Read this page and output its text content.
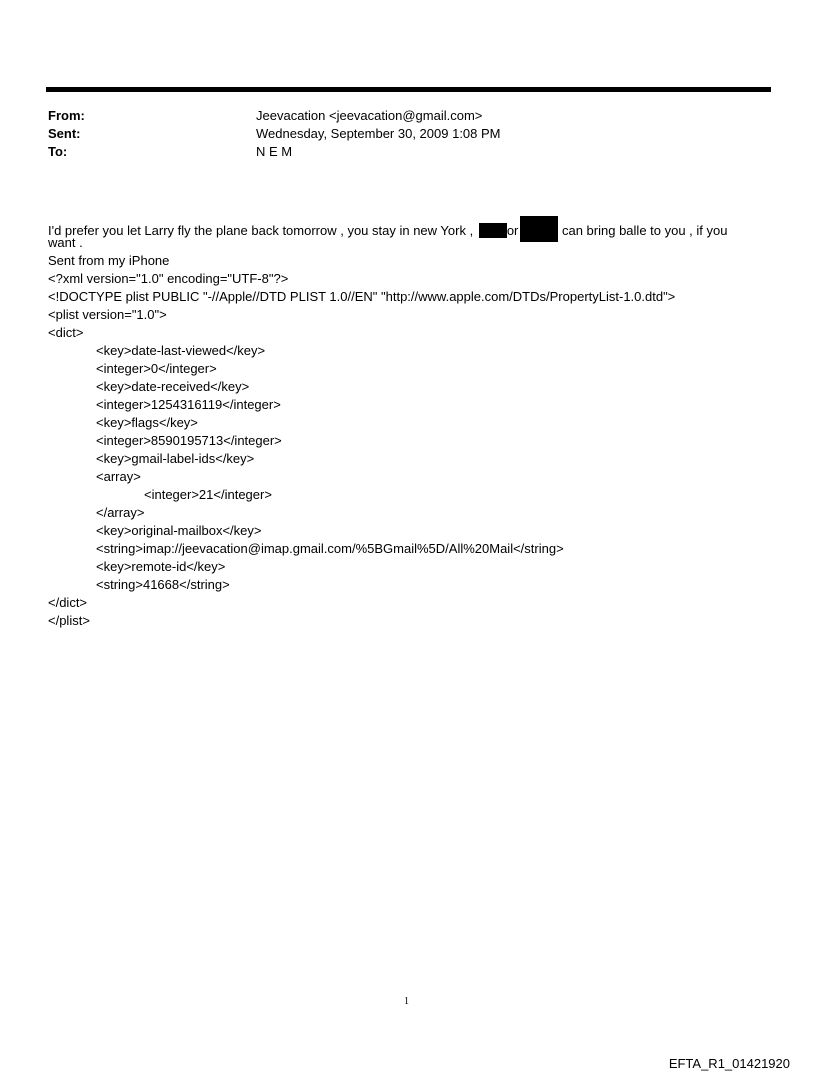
From:	Jeevacation <jeevacation@gmail.com>
Sent:	Wednesday, September 30, 2009 1:08 PM
To:	N E M
I'd prefer you let Larry fly the plane back tomorrow , you stay in new York , or	can bring balle to you , if you
want .
Sent from my iPhone
<?xml version="1.0" encoding="UTF-8"?>
<!DOCTYPE plist PUBLIC "-//Apple//DTD PLIST 1.0//EN" "http://www.apple.com/DTDs/PropertyList-1.0.dtd">
<plist version="1.0">
<dict>
<key>date-last-viewed</key>
<integer>0</integer>
<key>date-received</key>
<integer>1254316119</integer>
<key>flags</key>
<integer>8590195713</integer>
<key>gmail-label-ids</key>
<array>
<integer>21</integer>
</array>
<key>original-mailbox</key>
<string>imap://jeevacation@imap.gmail.com/%5BGmail%5D/All%20Mail</string>
<key>remote-id</key>
<string>41668</string>
</dict>
</plist>
1
EFTA_R1_01421920
